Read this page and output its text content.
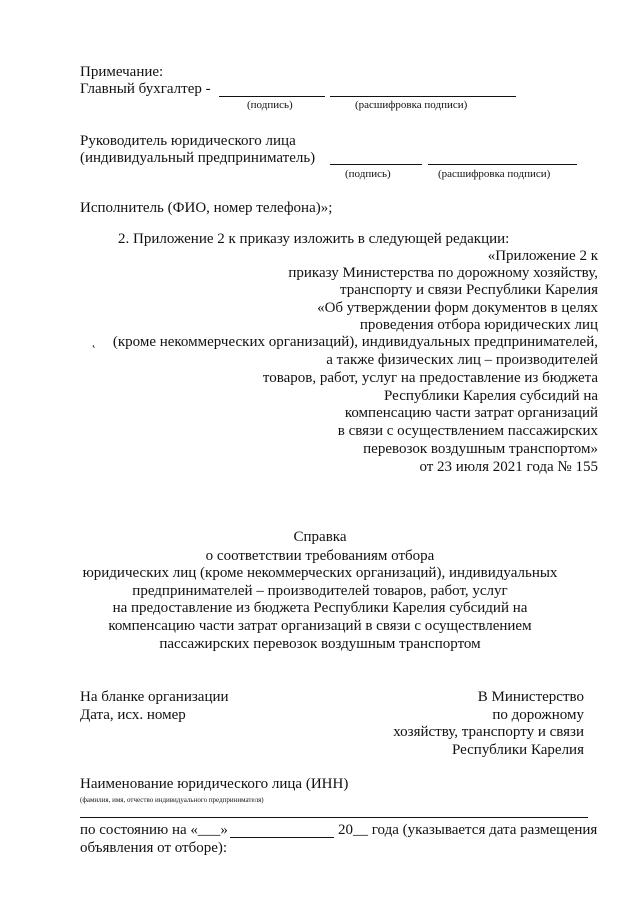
Примечание:
Главный бухгалтер -
(подпись)	(расшифровка подписи)
Руководитель юридического лица
(индивидуальный предприниматель)
(подпись)	(расшифровка подписи)
Исполнитель (ФИО, номер телефона)»;
2. Приложение 2 к приказу изложить в следующей редакции:
«Приложение 2 к
приказу Министерства по дорожному хозяйству,
транспорту и связи Республики Карелия
«Об утверждении форм документов в целях
проведения отбора юридических лиц
˛ (кроме некоммерческих организаций), индивидуальных предпринимателей,
а также физических лиц – производителей
товаров, работ, услуг на предоставление из бюджета
Республики Карелия субсидий на
компенсацию части затрат организаций
в связи с осуществлением пассажирских
перевозок воздушным транспортом»
от 23 июля 2021 года № 155
Справка
о соответствии требованиям отбора
юридических лиц (кроме некоммерческих организаций), индивидуальных
предпринимателей – производителей товаров, работ, услуг
на предоставление из бюджета Республики Карелия субсидий на
компенсацию части затрат организаций в связи с осуществлением
пассажирских перевозок воздушным транспортом
На бланке организации
Дата, исх. номер
В Министерство
по дорожному
хозяйству, транспорту и связи
Республики Карелия
Наименование юридического лица (ИНН)
(фамилия, имя, отчество индивидуального предпринимателя)
по состоянию на «___»	20__ года (указывается дата размещения
объявления от отборе):
